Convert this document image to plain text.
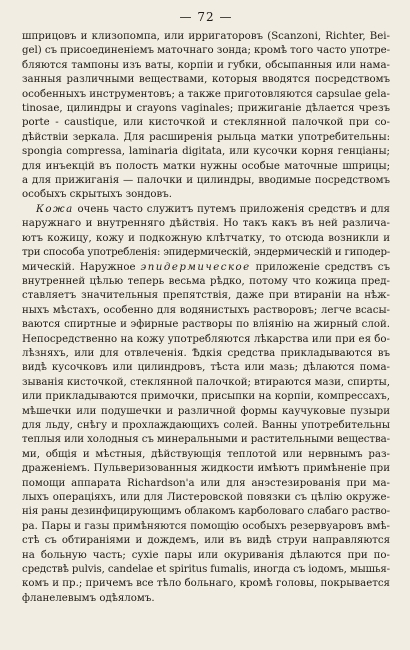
— 72 —

шприцовъ и клизопомпа, или ирригаторовъ (Scanzoni, Richter, Bei-
gel) съ присоединенiемъ маточнаго зонда; кромѣ того часто употре-
бляются тампоны изъ ваты, корпiи и губки, обсыпанныя или нама-
занныя различными веществами, которыя вводятся посредствомъ
особенныхъ инструментовъ; а также приготовляются capsulae gela-
tinosae, цилиндры и crayons vaginales; прижиганiе дѣлается чрезъ
porte - caustique, или кисточкой и стеклянной палочкой при со-
дѣйствiи зеркала. Для расширенiя рыльца матки употребительны:
spongia compressa, laminaria digitata, или кусочки корня генцiаны;
для инъекцiй въ полость матки нужны особые маточные шприцы;
а для прижиганiя — палочки и цилиндры, вводимые посредствомъ
особыхъ скрытыхъ зондовъ.

Кожа очень часто служитъ путемъ приложенiя средствъ и для
наружнаго и внутренняго дѣйствiя. Но такъ какъ въ ней различа-
ютъ кожицу, кожу и подкожную клѣтчатку, то отсюда возникли и
три способа употребленiя: эпидермическiй, эндермическiй и гиподер-
мическiй. Наружное эпидермическое приложенiе средствъ съ
внутренней цѣлью теперь весьма рѣдко, потому что кожица пред-
ставляетъ значительныя препятствiя, даже при втиранiи на нѣж-
ныхъ мѣстахъ, особенно для водянистыхъ растворовъ; легче всасы-
ваются спиртные и эфирные растворы по влiянiю на жирный слой.
Непосредственно на кожу употребляются лѣкарства или при ея бо-
лѣзняхъ, или для отвлеченiя. Ѣдкiя средства прикладываются въ
видѣ кусочковъ или цилиндровъ, тѣста или мазь; дѣлаются пома-
зыванiя кисточкой, стеклянной палочкой; втираются мази, спирты,
или прикладываются примочки, присыпки на корпiи, компрессахъ,
мѣшечки или подушечки и различной формы каучуковые пузыри
для льду, снѣгу и прохлаждающихъ солей. Ванны употребительны
теплыя или холодныя съ минеральными и растительными вещества-
ми, общiя и мѣстныя, дѣйствующiя теплотой или нервнымъ раз-
драженiемъ. Пульверизованныя жидкости имѣютъ примѣненiе при
помощи аппарата Richardson'а или для анэстезированiя при ма-
лыхъ операцiяхъ, или для Листеровской повязки съ цѣлiю окруже-
нiя раны дезинфицирующимъ облакомъ карболоваго слабаго раство-
ра. Пары и газы примѣняются помощiю особыхъ резервуаровъ вмѣ-
стѣ съ обтиранiями и дождемъ, или въ видѣ струи направляются
на больную часть; сухiе пары или окуриванiя дѣлаются при по-
средствѣ pulvis, candelae et spiritus fumalis, иногда съ iодомъ, мышья-
комъ и пр.; причемъ все тѣло больнаго, кромѣ головы, покрывается
фланелевымъ одѣяломъ.
